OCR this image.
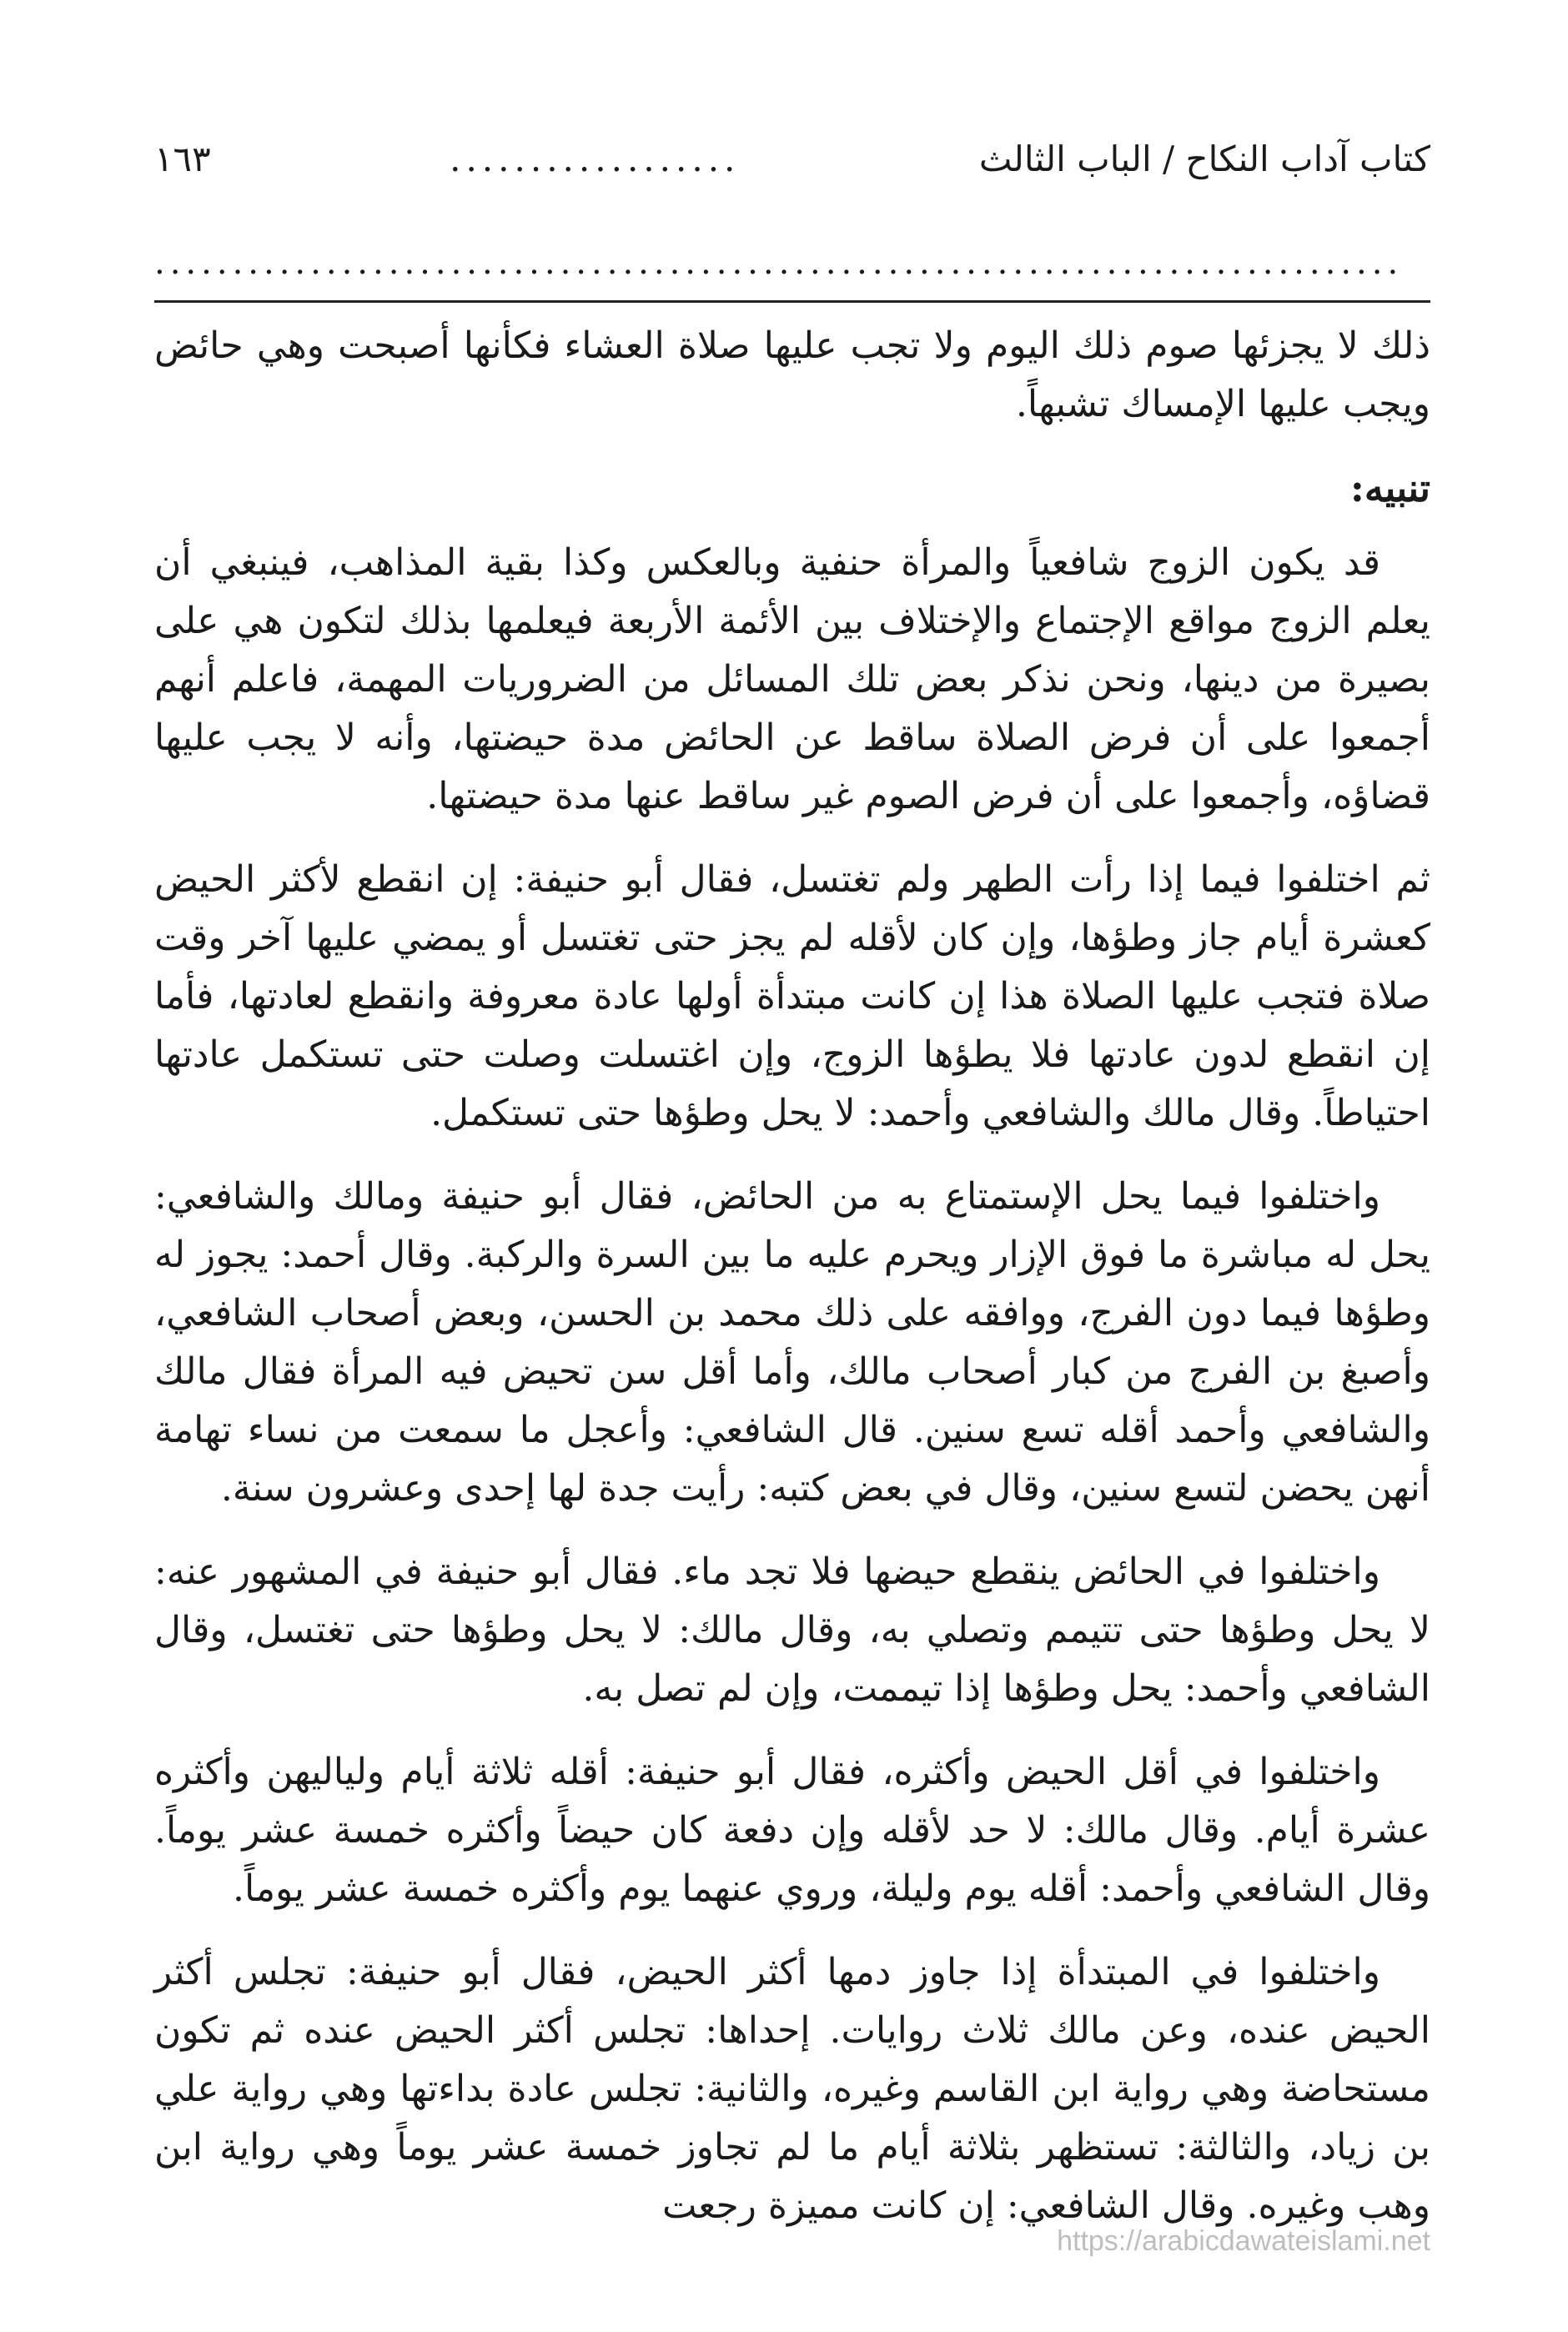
كتاب آداب النكاح / الباب الثالث
..................
١٦٣
................................................................................

ذلك لا يجزئها صوم ذلك اليوم ولا تجب عليها صلاة العشاء فكأنها أصبحت وهي حائض ويجب عليها الإمساك تشبهاً.

تنبيه:

قد يكون الزوج شافعياً والمرأة حنفية وبالعكس وكذا بقية المذاهب، فينبغي أن يعلم الزوج مواقع الإجتماع والإختلاف بين الأئمة الأربعة فيعلمها بذلك لتكون هي على بصيرة من دينها، ونحن نذكر بعض تلك المسائل من الضروريات المهمة، فاعلم أنهم أجمعوا على أن فرض الصلاة ساقط عن الحائض مدة حيضتها، وأنه لا يجب عليها قضاؤه، وأجمعوا على أن فرض الصوم غير ساقط عنها مدة حيضتها.

ثم اختلفوا فيما إذا رأت الطهر ولم تغتسل، فقال أبو حنيفة: إن انقطع لأكثر الحيض كعشرة أيام جاز وطؤها، وإن كان لأقله لم يجز حتى تغتسل أو يمضي عليها آخر وقت صلاة فتجب عليها الصلاة هذا إن كانت مبتدأة أولها عادة معروفة وانقطع لعادتها، فأما إن انقطع لدون عادتها فلا يطؤها الزوج، وإن اغتسلت وصلت حتى تستكمل عادتها احتياطاً. وقال مالك والشافعي وأحمد: لا يحل وطؤها حتى تستكمل.

واختلفوا فيما يحل الإستمتاع به من الحائض، فقال أبو حنيفة ومالك والشافعي: يحل له مباشرة ما فوق الإزار ويحرم عليه ما بين السرة والركبة. وقال أحمد: يجوز له وطؤها فيما دون الفرج، ووافقه على ذلك محمد بن الحسن، وبعض أصحاب الشافعي، وأصبغ بن الفرج من كبار أصحاب مالك، وأما أقل سن تحيض فيه المرأة فقال مالك والشافعي وأحمد أقله تسع سنين. قال الشافعي: وأعجل ما سمعت من نساء تهامة أنهن يحضن لتسع سنين، وقال في بعض كتبه: رأيت جدة لها إحدى وعشرون سنة.

واختلفوا في الحائض ينقطع حيضها فلا تجد ماء. فقال أبو حنيفة في المشهور عنه: لا يحل وطؤها حتى تتيمم وتصلي به، وقال مالك: لا يحل وطؤها حتى تغتسل، وقال الشافعي وأحمد: يحل وطؤها إذا تيممت، وإن لم تصل به.

واختلفوا في أقل الحيض وأكثره، فقال أبو حنيفة: أقله ثلاثة أيام ولياليهن وأكثره عشرة أيام. وقال مالك: لا حد لأقله وإن دفعة كان حيضاً وأكثره خمسة عشر يوماً. وقال الشافعي وأحمد: أقله يوم وليلة، وروي عنهما يوم وأكثره خمسة عشر يوماً.

واختلفوا في المبتدأة إذا جاوز دمها أكثر الحيض، فقال أبو حنيفة: تجلس أكثر الحيض عنده، وعن مالك ثلاث روايات. إحداها: تجلس أكثر الحيض عنده ثم تكون مستحاضة وهي رواية ابن القاسم وغيره، والثانية: تجلس عادة بداءتها وهي رواية علي بن زياد، والثالثة: تستظهر بثلاثة أيام ما لم تجاوز خمسة عشر يوماً وهي رواية ابن وهب وغيره. وقال الشافعي: إن كانت مميزة رجعت

https://arabicdawateislami.net
